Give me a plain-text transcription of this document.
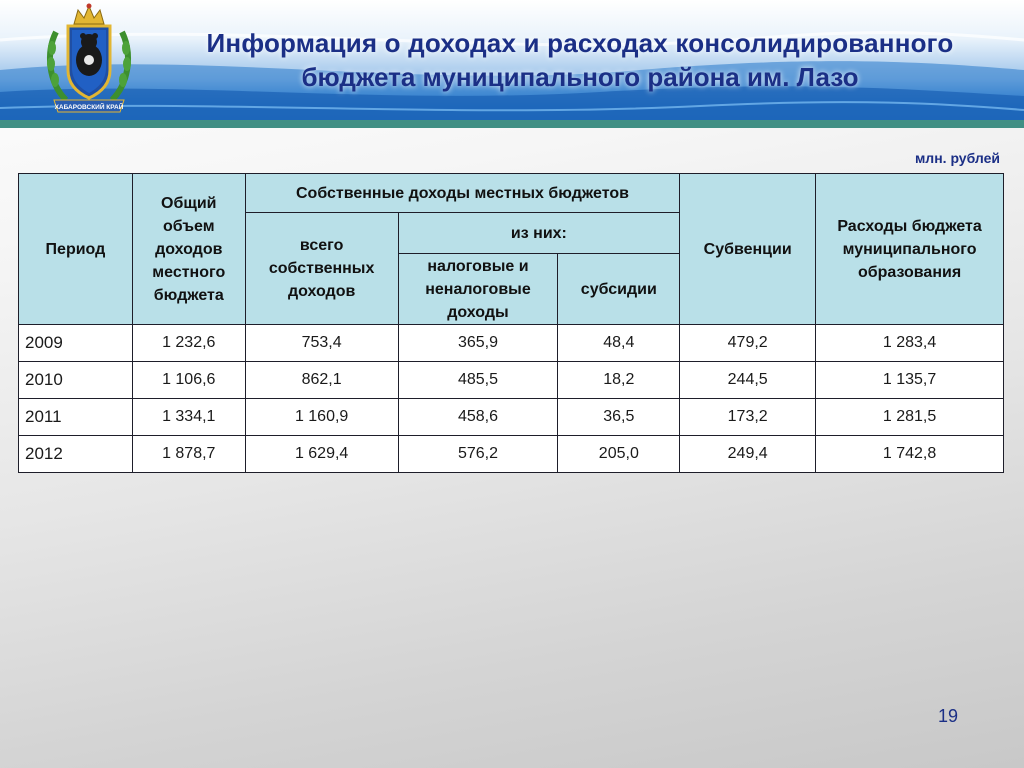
ХАБАРОВСКИЙ КРАЙ
Информация о доходах и расходах консолидированного
бюджета муниципального района им. Лазо
млн. рублей
Период	Общий объем доходов местного бюджета	Собственные доходы местных бюджетов			Субвенции	Расходы бюджета муниципального образования
		всего собственных доходов	из них:			
			налоговые и неналоговые доходы	субсидии		
2009	1 232,6	753,4	365,9	48,4	479,2	1 283,4
2010	1 106,6	862,1	485,5	18,2	244,5	1 135,7
2011	1 334,1	1 160,9	458,6	36,5	173,2	1 281,5
2012	1 878,7	1 629,4	576,2	205,0	249,4	1 742,8
19
